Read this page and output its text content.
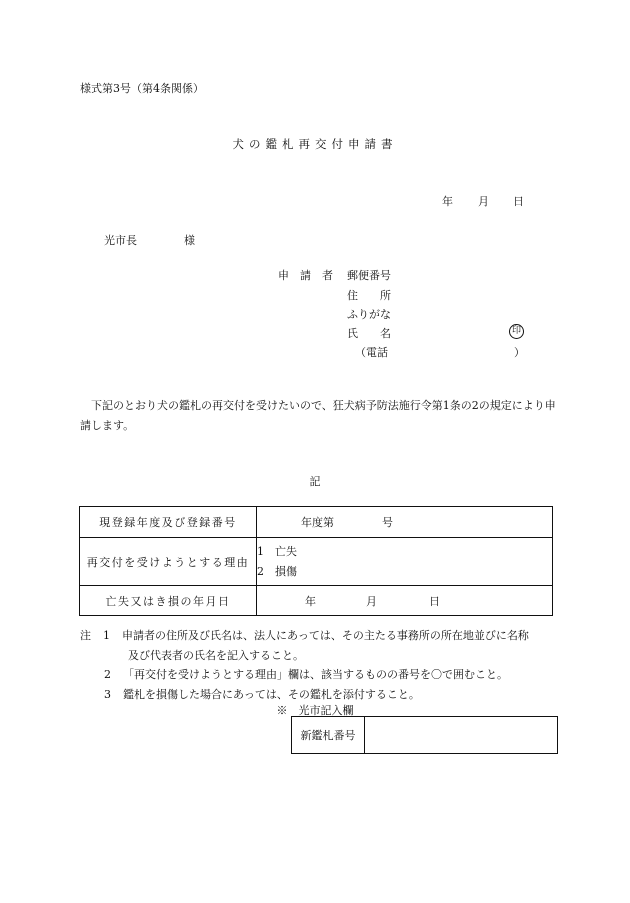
様式第3号（第4条関係）
犬の鑑札再交付申請書
年 月 日
光市長	様
申　請　者 郵便番号
住　　所
ふりがな
氏　　名	印
（電話	）
下記のとおり犬の鑑札の再交付を受けたいので、狂犬病予防法施行令第1条の2の規定により申請します。
記
現登録年度及び登録番号	年度第 号
再交付を受けようとする理由	1　亡失
2　損傷

亡失又はき損の年月日	年 月 日
注 1 申請者の住所及び氏名は、法人にあっては、その主たる事務所の所在地並びに名称
及び代表者の氏名を記入すること。
2 「再交付を受けようとする理由」欄は、該当するものの番号を〇で囲むこと。
3 鑑札を損傷した場合にあっては、その鑑札を添付すること。
※　光市記入欄
新鑑札番号	
